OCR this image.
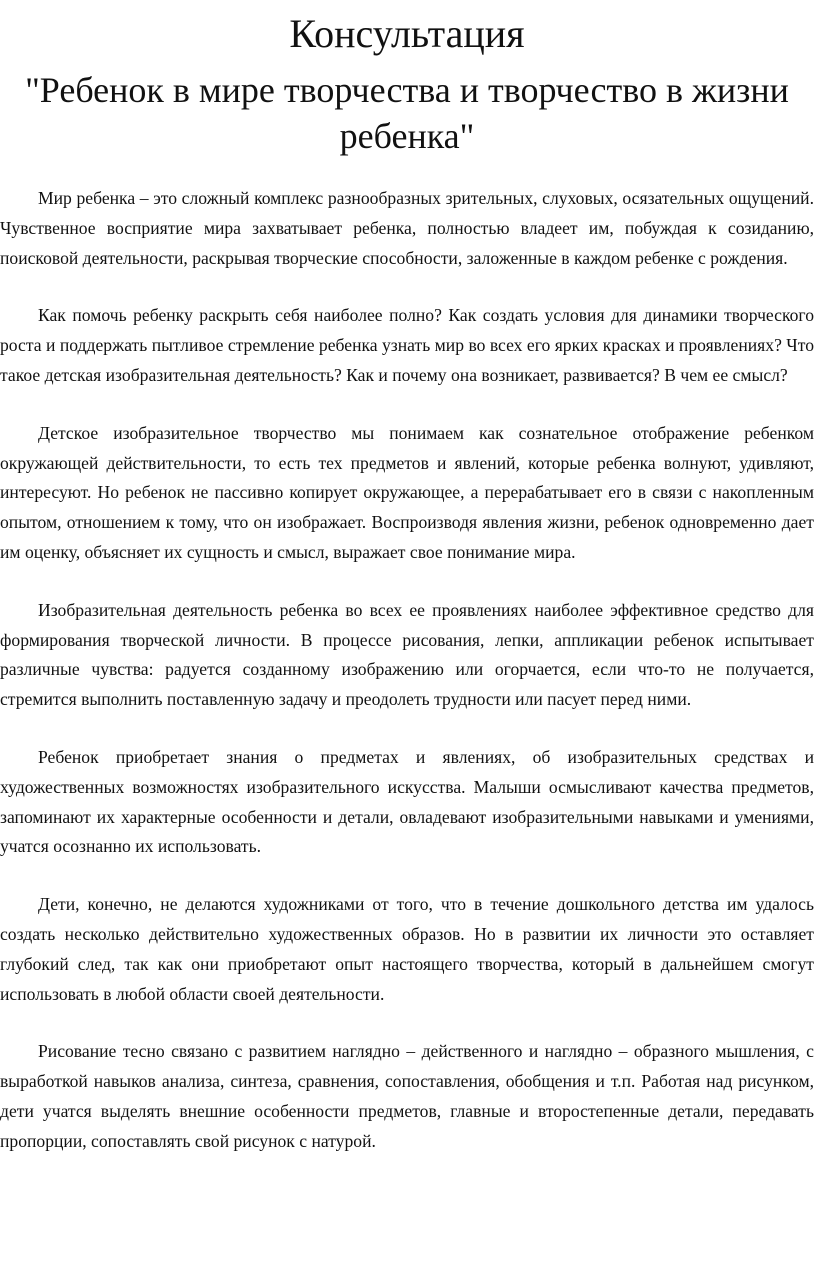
Консультация
"Ребенок в мире творчества и творчество в жизни ребенка"

Мир ребенка – это сложный комплекс разнообразных зрительных, слуховых, осязательных ощущений. Чувственное восприятие мира захватывает ребенка, полностью владеет им, побуждая к созиданию, поисковой деятельности, раскрывая творческие способности, заложенные в каждом ребенке с рождения.

Как помочь ребенку раскрыть себя наиболее полно? Как создать условия для динамики творческого роста и поддержать пытливое стремление ребенка узнать мир во всех его ярких красках и проявлениях? Что такое детская изобразительная деятельность? Как и почему она возникает, развивается? В чем ее смысл?

Детское изобразительное творчество мы понимаем как сознательное отображение ребенком окружающей действительности, то есть тех предметов и явлений, которые ребенка волнуют, удивляют, интересуют. Но ребенок не пассивно копирует окружающее, а перерабатывает его в связи с накопленным опытом, отношением к тому, что он изображает. Воспроизводя явления жизни, ребенок одновременно дает им оценку, объясняет их сущность и смысл, выражает свое понимание мира.

Изобразительная деятельность ребенка во всех ее проявлениях наиболее эффективное средство для формирования творческой личности. В процессе рисования, лепки, аппликации ребенок испытывает различные чувства: радуется созданному изображению или огорчается, если что-то не получается, стремится выполнить поставленную задачу и преодолеть трудности или пасует перед ними.

Ребенок приобретает знания о предметах и явлениях, об изобразительных средствах и художественных возможностях изобразительного искусства. Малыши осмысливают качества предметов, запоминают их характерные особенности и детали, овладевают изобразительными навыками и умениями, учатся осознанно их использовать.

Дети, конечно, не делаются художниками от того, что в течение дошкольного детства им удалось создать несколько действительно художественных образов. Но в развитии их личности это оставляет глубокий след, так как они приобретают опыт настоящего творчества, который в дальнейшем смогут использовать в любой области своей деятельности.

Рисование тесно связано с развитием наглядно – действенного и наглядно – образного мышления, с выработкой навыков анализа, синтеза, сравнения, сопоставления, обобщения и т.п. Работая над рисунком, дети учатся выделять внешние особенности предметов, главные и второстепенные детали, передавать пропорции, сопоставлять свой рисунок с натурой.
